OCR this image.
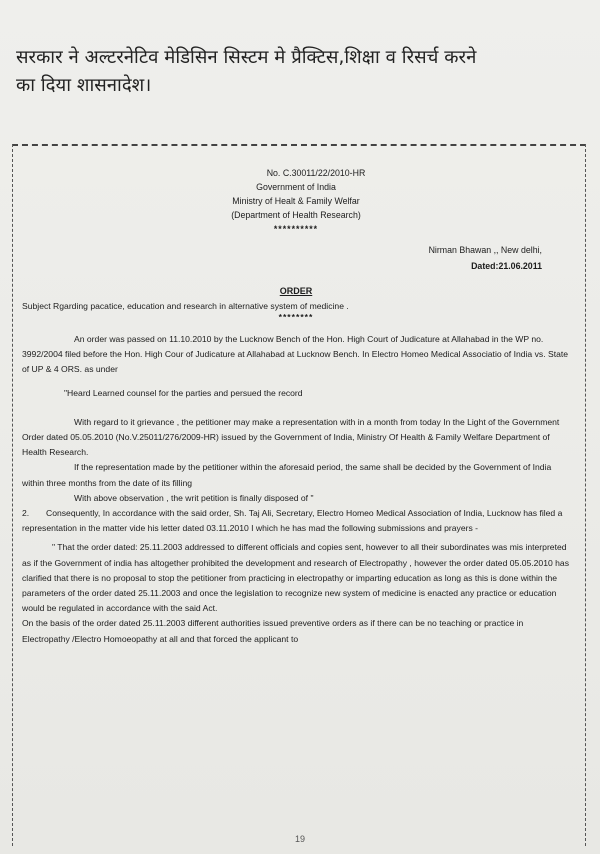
सरकार ने अल्टरनेटिव मेडिसिन सिस्टम मे प्रैक्टिस,शिक्षा व रिसर्च करने
का दिया शासनादेश।
No. C.30011/22/2010-HR
Government of India
Ministry of Healt & Family Welfar
(Department of Health Research)
**********
Nirman Bhawan ,, New delhi,
Dated:21.06.2011
ORDER
Subject Rgarding pacatice, education and research in alternative system of medicine .
********

An order was passed on 11.10.2010 by the Lucknow Bench of the Hon. High Court of Judicature at Allahabad in the WP no. 3992/2004 filed before the Hon. High Cour of Judicature at Allahabad at Lucknow Bench. In Electro Homeo Medical Associatio of India vs. State of UP & 4 ORS. as under

"Heard Learned counsel for the parties and persued the record

With regard to it grievance , the petitioner may make a representation with in a month from today In the Light of the Government Order dated 05.05.2010 (No.V.25011/276/2009-HR) issued by the Government of India, Ministry Of Health & Family Welfare Department of Health Research.

If the representation made by the petitioner within the aforesaid period, the same shall be decided by the Government of India within three months from the date of its filling

With above observation , the writ petition is finally disposed of "

2. Consequently, In accordance with the said order, Sh. Taj Ali, Secretary, Electro Homeo Medical Association of India, Lucknow has filed a representation in the matter vide his letter dated 03.11.2010 I which he has mad the following submissions and prayers -

" That the order dated: 25.11.2003 addressed to different officials and copies sent, however to all their subordinates was mis interpreted as if the Government of india has altogether prohibited the development and research of Electropathy , however the order dated 05.05.2010 has clarified that there is no proposal to stop the petitioner from practicing in electropathy or imparting education as long as this is done within the parameters of the order dated 25.11.2003 and once the legislation to recognize new system of medicine is enacted any practice or education would be regulated in accordance with the said Act.

On the basis of the order dated 25.11.2003 different authorities issued preventive orders as if there can be no teaching or practice in Electropathy /Electro Homoeopathy at all and that forced the applicant to

19
